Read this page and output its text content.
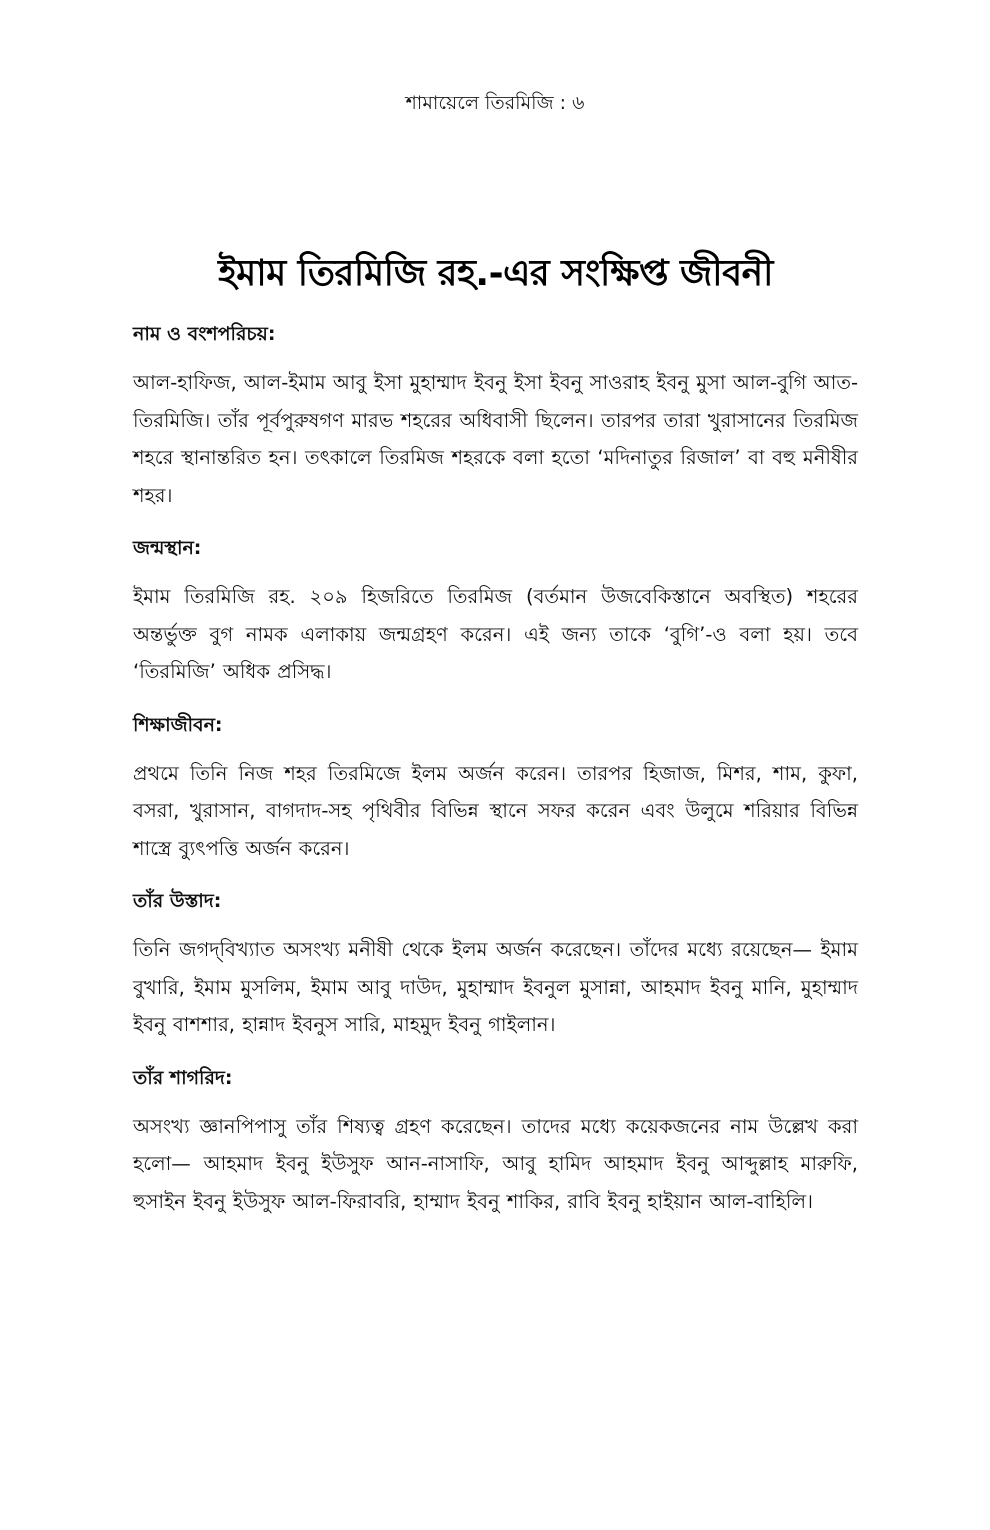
শামায়েলে তিরমিজি : ৬
ইমাম তিরমিজি রহ.-এর সংক্ষিপ্ত জীবনী
নাম ও বংশপরিচয়:

আল-হাফিজ, আল-ইমাম আবু ইসা মুহাম্মাদ ইবনু ইসা ইবনু সাওরাহ ইবনু মুসা আল-বুগি আত-তিরমিজি। তাঁর পূর্বপুরুষগণ মারভ শহরের অধিবাসী ছিলেন। তারপর তারা খুরাসানের তিরমিজ শহরে স্থানান্তরিত হন। তৎকালে তিরমিজ শহরকে বলা হতো ‘মদিনাতুর রিজাল’ বা বহু মনীষীর শহর।

জন্মস্থান:

ইমাম তিরমিজি রহ. ২০৯ হিজরিতে তিরমিজ (বর্তমান উজবেকিস্তানে অবস্থিত) শহরের অন্তর্ভুক্ত বুগ নামক এলাকায় জন্মগ্রহণ করেন। এই জন্য তাকে ‘বুগি’-ও বলা হয়। তবে ‘তিরমিজি’ অধিক প্রসিদ্ধ।

শিক্ষাজীবন:

প্রথমে তিনি নিজ শহর তিরমিজে ইলম অর্জন করেন। তারপর হিজাজ, মিশর, শাম, কুফা, বসরা, খুরাসান, বাগদাদ-সহ পৃথিবীর বিভিন্ন স্থানে সফর করেন এবং উলুমে শরিয়ার বিভিন্ন শাস্ত্রে ব্যুৎপত্তি অর্জন করেন।

তাঁর উস্তাদ:

তিনি জগদ্‌বিখ্যাত অসংখ্য মনীষী থেকে ইলম অর্জন করেছেন। তাঁদের মধ্যে রয়েছেন— ইমাম বুখারি, ইমাম মুসলিম, ইমাম আবু দাউদ, মুহাম্মাদ ইবনুল মুসান্না, আহমাদ ইবনু মানি, মুহাম্মাদ ইবনু বাশশার, হান্নাদ ইবনুস সারি, মাহমুদ ইবনু গাইলান।

তাঁর শাগরিদ:

অসংখ্য জ্ঞানপিপাসু তাঁর শিষ্যত্ব গ্রহণ করেছেন। তাদের মধ্যে কয়েকজনের নাম উল্লেখ করা হলো— আহমাদ ইবনু ইউসুফ আন-নাসাফি, আবু হামিদ আহমাদ ইবনু আব্দুল্লাহ মারুফি, হুসাইন ইবনু ইউসুফ আল-ফিরাবরি, হাম্মাদ ইবনু শাকির, রাবি ইবনু হাইয়ান আল-বাহিলি।
